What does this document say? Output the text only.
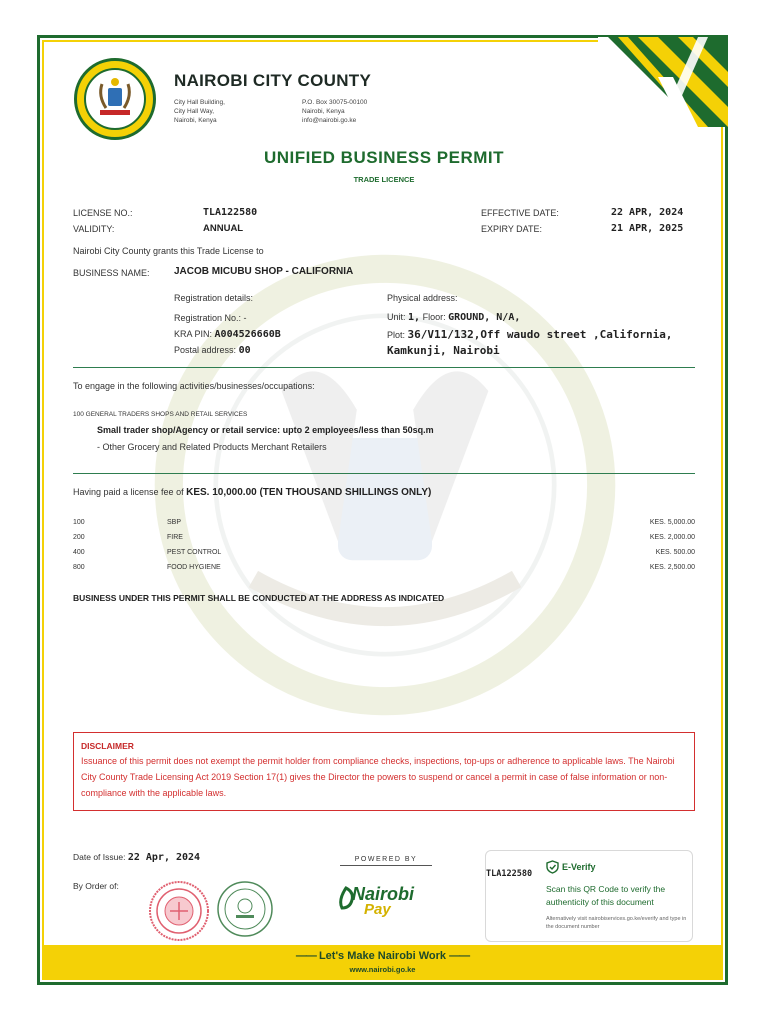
NAIROBI CITY COUNTY
City Hall Building,
City Hall Way,
Nairobi, Kenya
P.O. Box 30075-00100
Nairobi, Kenya
info@nairobi.go.ke
UNIFIED BUSINESS PERMIT
TRADE LICENCE
LICENSE NO.:	TLA122580
VALIDITY:	ANNUAL
EFFECTIVE DATE:	22 APR, 2024
EXPIRY DATE:	21 APR, 2025
Nairobi City County grants this Trade License to
BUSINESS NAME: JACOB MICUBU SHOP - CALIFORNIA
Registration details:
Registration No.: -
KRA PIN: A004526660B
Postal address: 00
Physical address:
Unit: 1, Floor: GROUND, N/A,
Plot: 36/V11/132,Off waudo street ,California,
Kamkunji, Nairobi
To engage in the following activities/businesses/occupations:
100 GENERAL TRADERS SHOPS AND RETAIL SERVICES
Small trader shop/Agency or retail service: upto 2 employees/less than 50sq.m
- Other Grocery and Related Products Merchant Retailers
Having paid a license fee of KES. 10,000.00 (TEN THOUSAND SHILLINGS ONLY)
100	SBP	KES. 5,000.00
200	FIRE	KES. 2,000.00
400	PEST CONTROL	KES. 500.00
800	FOOD HYGIENE	KES. 2,500.00
BUSINESS UNDER THIS PERMIT SHALL BE CONDUCTED AT THE ADDRESS AS INDICATED
DISCLAIMER
Issuance of this permit does not exempt the permit holder from compliance checks, inspections, top-ups or adherence to applicable laws. The Nairobi City County Trade Licensing Act 2019 Section 17(1) gives the Director the powers to suspend or cancel a permit in case of false information or non-compliance with the applicable laws.
Date of Issue: 22 Apr, 2024
By Order of:
POWERED BY
Nairobi
Pay
TLA122580
E-Verify
Scan this QR Code to verify the authenticity of this document
Alternatively visit nairobiservices.go.ke/everify and type in the document number
—— Let's Make Nairobi Work ——
www.nairobi.go.ke
